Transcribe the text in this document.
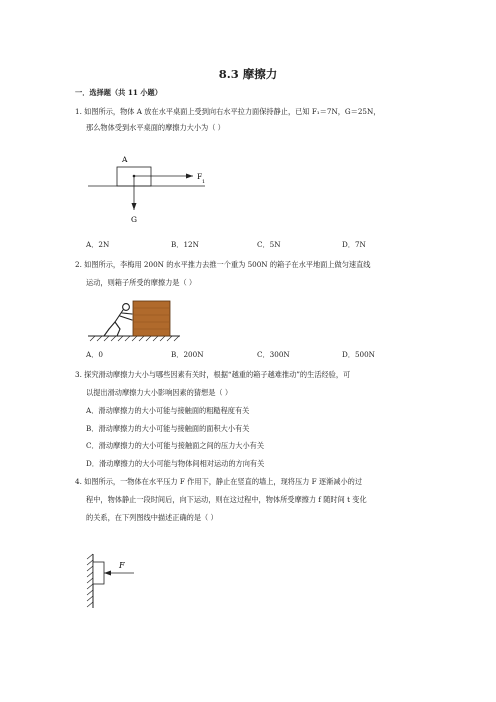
8.3 摩擦力
一．选择题（共 11 小题）
1. 如图所示，物体 A 放在水平桌面上受到向右水平拉力面保持静止，已知 F₁＝7N，G＝25N，
那么物体受到水平桌面的摩擦力大小为（ ）
A
F
1
G
A．2N	B．12N	C．5N	D．7N
2. 如图所示，李梅用 200N 的水平推力去推一个重为 500N 的箱子在水平地面上做匀速直线
运动，则箱子所受的摩擦力是（ ）
A．0	B．200N	C．300N	D．500N
3. 探究滑动摩擦力大小与哪些因素有关时，根据“越重的箱子越难推动”的生活经验，可
以提出滑动摩擦力大小影响因素的猜想是（ ）
A．滑动摩擦力的大小可能与接触面的粗糙程度有关
B．滑动摩擦力的大小可能与接触面的面积大小有关
C．滑动摩擦力的大小可能与接触面之间的压力大小有关
D．滑动摩擦力的大小可能与物体间相对运动的方向有关
4. 如图所示，一物体在水平压力 F 作用下，静止在竖直的墙上，现将压力 F 逐渐减小的过
程中，物体静止一段时间后，向下运动，则在这过程中，物体所受摩擦力 f 随时间 t 变化
的关系，在下列图线中描述正确的是（ ）
F
